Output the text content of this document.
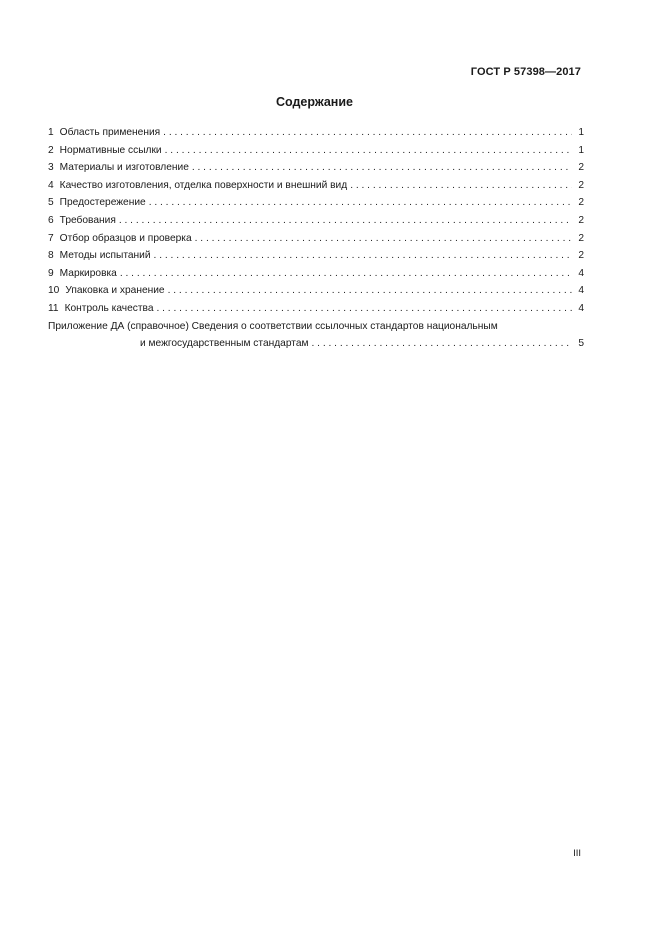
ГОСТ Р 57398—2017
Содержание
1 Область применения . . .	1
2 Нормативные ссылки . . .	1
3 Материалы и изготовление . . .	2
4 Качество изготовления, отделка поверхности и внешний вид . . .	2
5 Предостережение . . .	2
6 Требования . . .	2
7 Отбор образцов и проверка . . .	2
8 Методы испытаний . . .	2
9 Маркировка . . .	4
10 Упаковка и хранение . . .	4
11 Контроль качества . . .	4
Приложение ДА (справочное) Сведения о соответствии ссылочных стандартов национальным
и межгосударственным стандартам . . .	5
III
